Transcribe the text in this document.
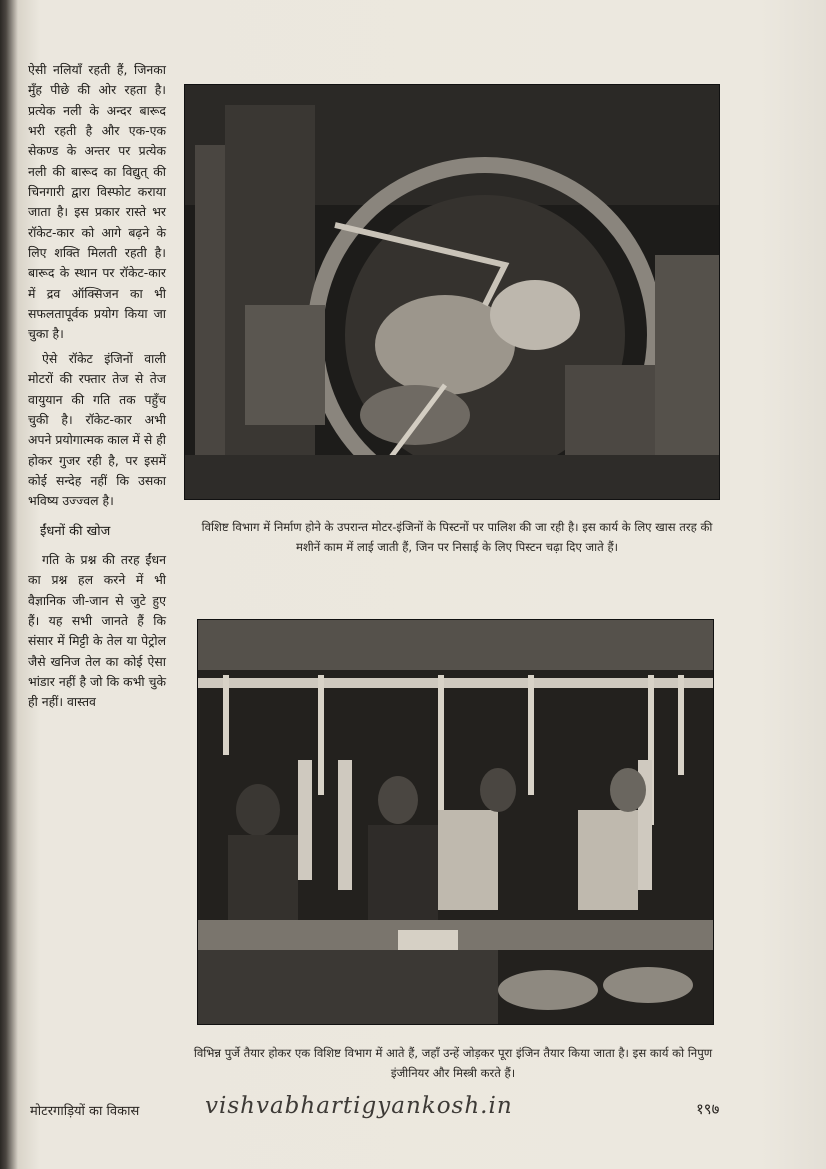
ऐसी नलियाँ रहती हैं, जिनका मुँह पीछे की ओर रहता है। प्रत्येक नली के अन्दर बारूद भरी रहती है और एक-एक सेकण्ड के अन्तर पर प्रत्येक नली की बारूद का विद्युत् की चिनगारी द्वारा विस्फोट कराया जाता है। इस प्रकार रास्ते भर रॉकेट-कार को आगे बढ़ने के लिए शक्ति मिलती रहती है। बारूद के स्थान पर रॉकेट-कार में द्रव ऑक्सिजन का भी सफलतापूर्वक प्रयोग किया जा चुका है।

ऐसे रॉकेट इंजिनों वाली मोटरों की रफ्तार तेज से तेज वायुयान की गति तक पहुँच चुकी है। रॉकेट-कार अभी अपने प्रयोगात्मक काल में से ही होकर गुजर रही है, पर इसमें कोई सन्देह नहीं कि उसका भविष्य उज्ज्वल है।

ईंधनों की खोज

गति के प्रश्न की तरह ईंधन का प्रश्न हल करने में भी वैज्ञानिक जी-जान से जुटे हुए हैं। यह सभी जानते हैं कि संसार में मिट्टी के तेल या पेट्रोल जैसे खनिज तेल का कोई ऐसा भांडार नहीं है जो कि कभी चुके ही नहीं। वास्तव

विशिष्ट विभाग में निर्माण होने के उपरान्त मोटर-इंजिनों के पिस्टनों पर पालिश की जा रही है। इस कार्य के लिए खास तरह की मशीनें काम में लाई जाती हैं, जिन पर निसाई के लिए पिस्टन चढ़ा दिए जाते हैं।
विभिन्न पुर्जे तैयार होकर एक विशिष्ट विभाग में आते हैं, जहाँ उन्हें जोड़कर पूरा इंजिन तैयार किया जाता है। इस कार्य को निपुण इंजीनियर और मिस्त्री करते हैं।
मोटरगाड़ियों का विकास	vishvabhartigyankosh.in	१९७
